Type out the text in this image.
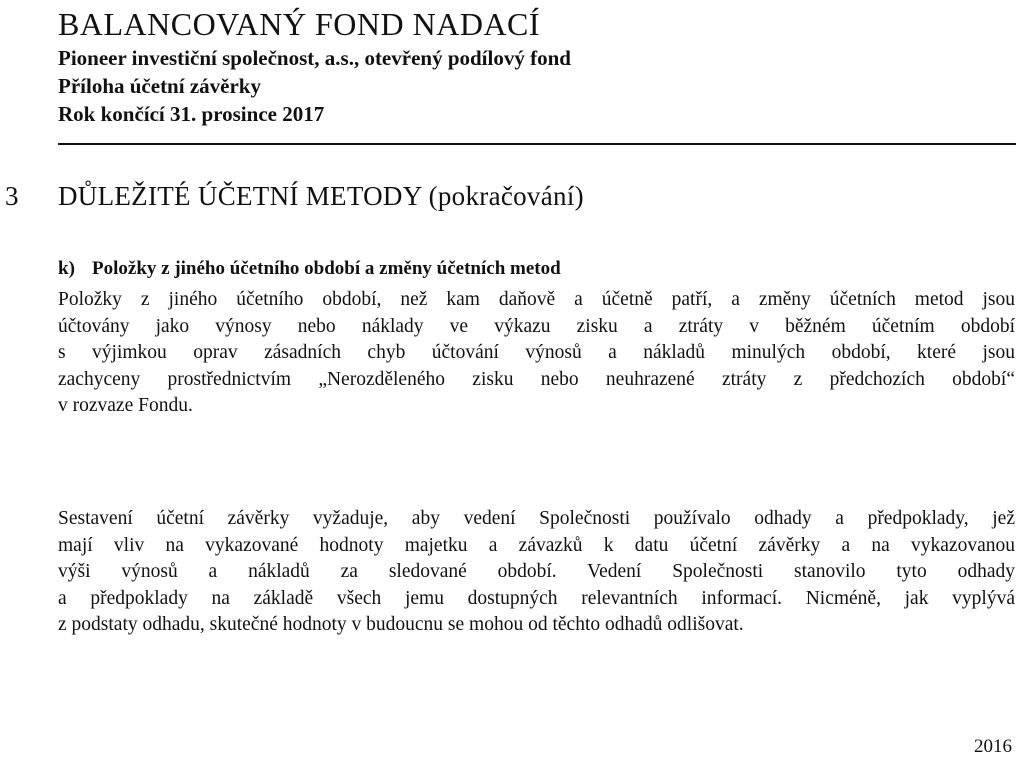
BALANCOVANÝ FOND NADACÍ

Pioneer investiční společnost, a.s., otevřený podílový fond

Příloha účetní závěrky

Rok končící 31. prosince 2017

3 DŮLEŽITÉ ÚČETNÍ METODY (pokračování)
k) Položky z jiného účetního období a změny účetních metod
Položky z jiného účetního období, než kam daňově a účetně patří, a změny účetních metod jsou
účtovány jako výnosy nebo náklady ve výkazu zisku a ztráty v běžném účetním období
s výjimkou oprav zásadních chyb účtování výnosů a nákladů minulých období, které jsou
zachyceny prostřednictvím „Nerozděleného zisku nebo neuhrazené ztráty z předchozích období“
v rozvaze Fondu.
Sestavení účetní závěrky vyžaduje, aby vedení Společnosti používalo odhady a předpoklady, jež
mají vliv na vykazované hodnoty majetku a závazků k datu účetní závěrky a na vykazovanou
výši výnosů a nákladů za sledované období. Vedení Společnosti stanovilo tyto odhady
a předpoklady na základě všech jemu dostupných relevantních informací. Nicméně, jak vyplývá
z podstaty odhadu, skutečné hodnoty v budoucnu se mohou od těchto odhadů odlišovat.
2016
